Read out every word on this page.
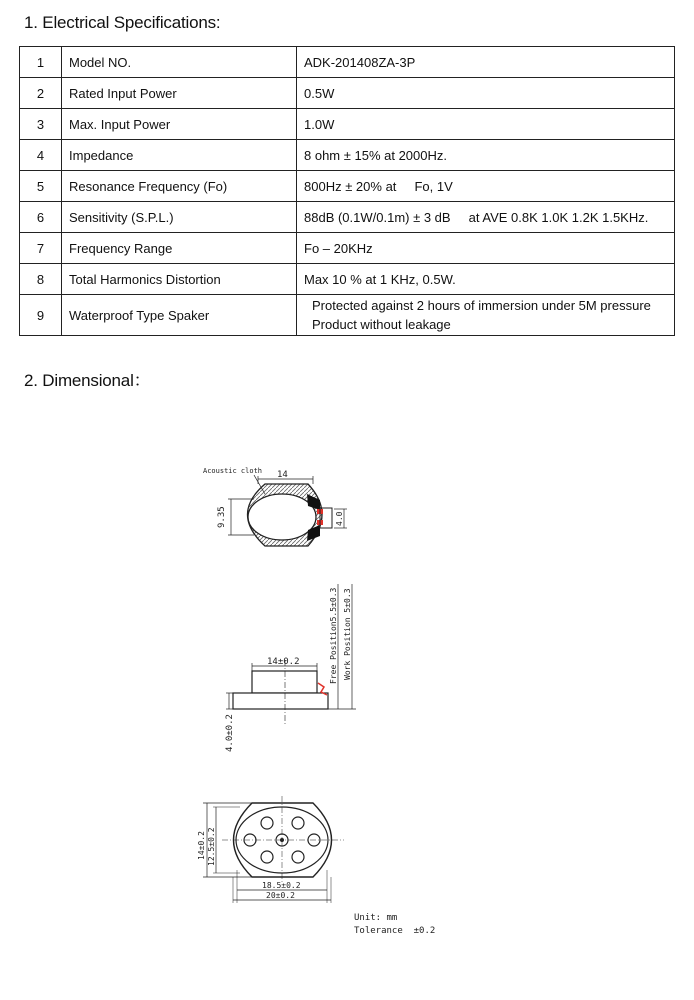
1. Electrical Specifications:
1	Model NO.	ADK-201408ZA-3P
2	Rated Input Power	0.5W
3	Max. Input Power	1.0W
4	Impedance	8 ohm ± 15% at 2000Hz.
5	Resonance Frequency (Fo)	800Hz ± 20% at     Fo, 1V
6	Sensitivity (S.P.L.)	88dB (0.1W/0.1m) ± 3 dB     at AVE 0.8K 1.0K 1.2K 1.5KHz.
7	Frequency Range	Fo – 20KHz
8	Total Harmonics Distortion	Max 10 % at 1 KHz, 0.5W.
9	Waterproof Type Spaker	Protected against 2 hours of immersion under 5M pressure
Product without leakage
2. Dimensional：
14
Acoustic cloth
9.35	4.0
14±0.2
4.0±0.2
Free Position5.5±0.3 Work Position 5±0.3
14±0.2 12.5±0.2
18.5±0.2
20±0.2
Unit: mm
Tolerance  ±0.2
